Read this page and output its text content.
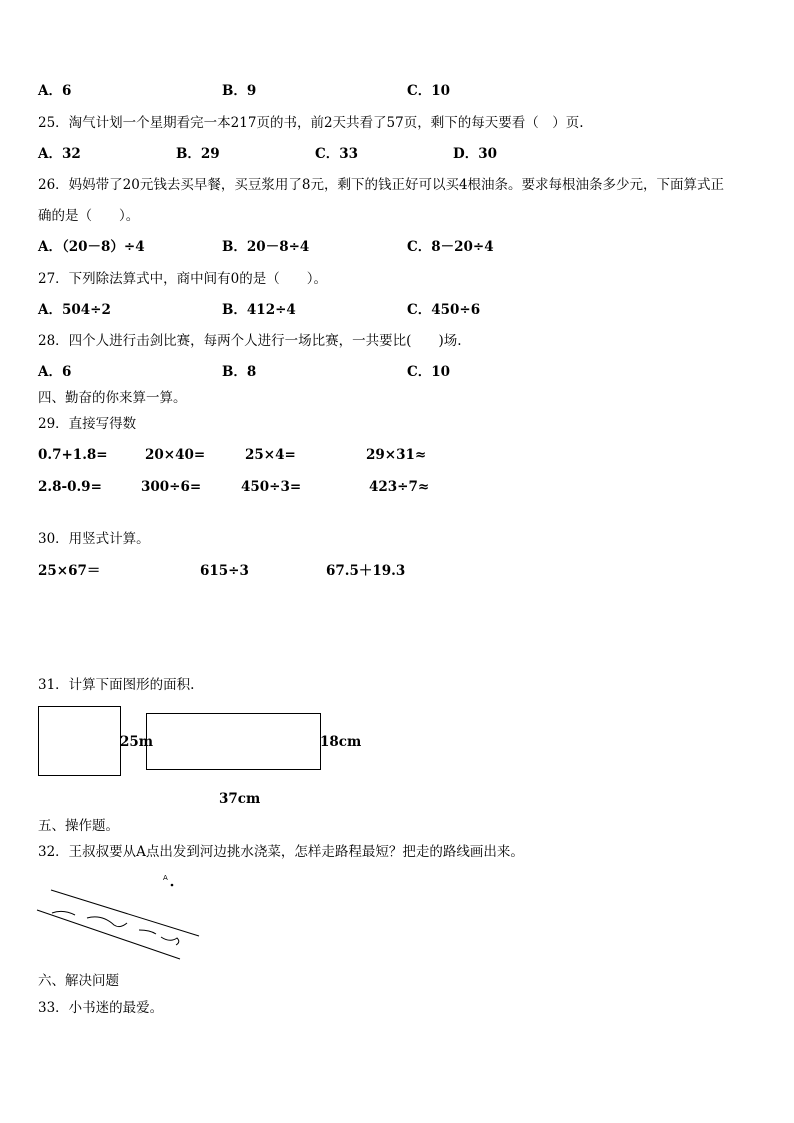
A．6	B．9	C．10
25．淘气计划一个星期看完一本217页的书，前2天共看了57页，剩下的每天要看（　）页.
A．32	B．29	C．33	D．30
26．妈妈带了20元钱去买早餐，买豆浆用了8元，剩下的钱正好可以买4根油条。要求每根油条多少元，下面算式正
确的是（　　）。
A．（20－8）÷4	B．20－8÷4	C．8－20÷4
27．下列除法算式中，商中间有0的是（　　）。
A．504÷2	B．412÷4	C．450÷6
28．四个人进行击剑比赛，每两个人进行一场比赛，一共要比(　　)场.
A．6	B．8	C．10
四、勤奋的你来算一算。
29．直接写得数
0.7+1.8=	20×40=	25×4=	29×31≈
2.8-0.9=	300÷6=	450÷3=	423÷7≈
30．用竖式计算。
25×67＝	615÷3	67.5＋19.3
31．计算下面图形的面积.
25m	18cm
37cm
五、操作题。
32．王叔叔要从A点出发到河边挑水浇菜，怎样走路程最短？把走的路线画出来。
A
六、解决问题
33．小书迷的最爱。
